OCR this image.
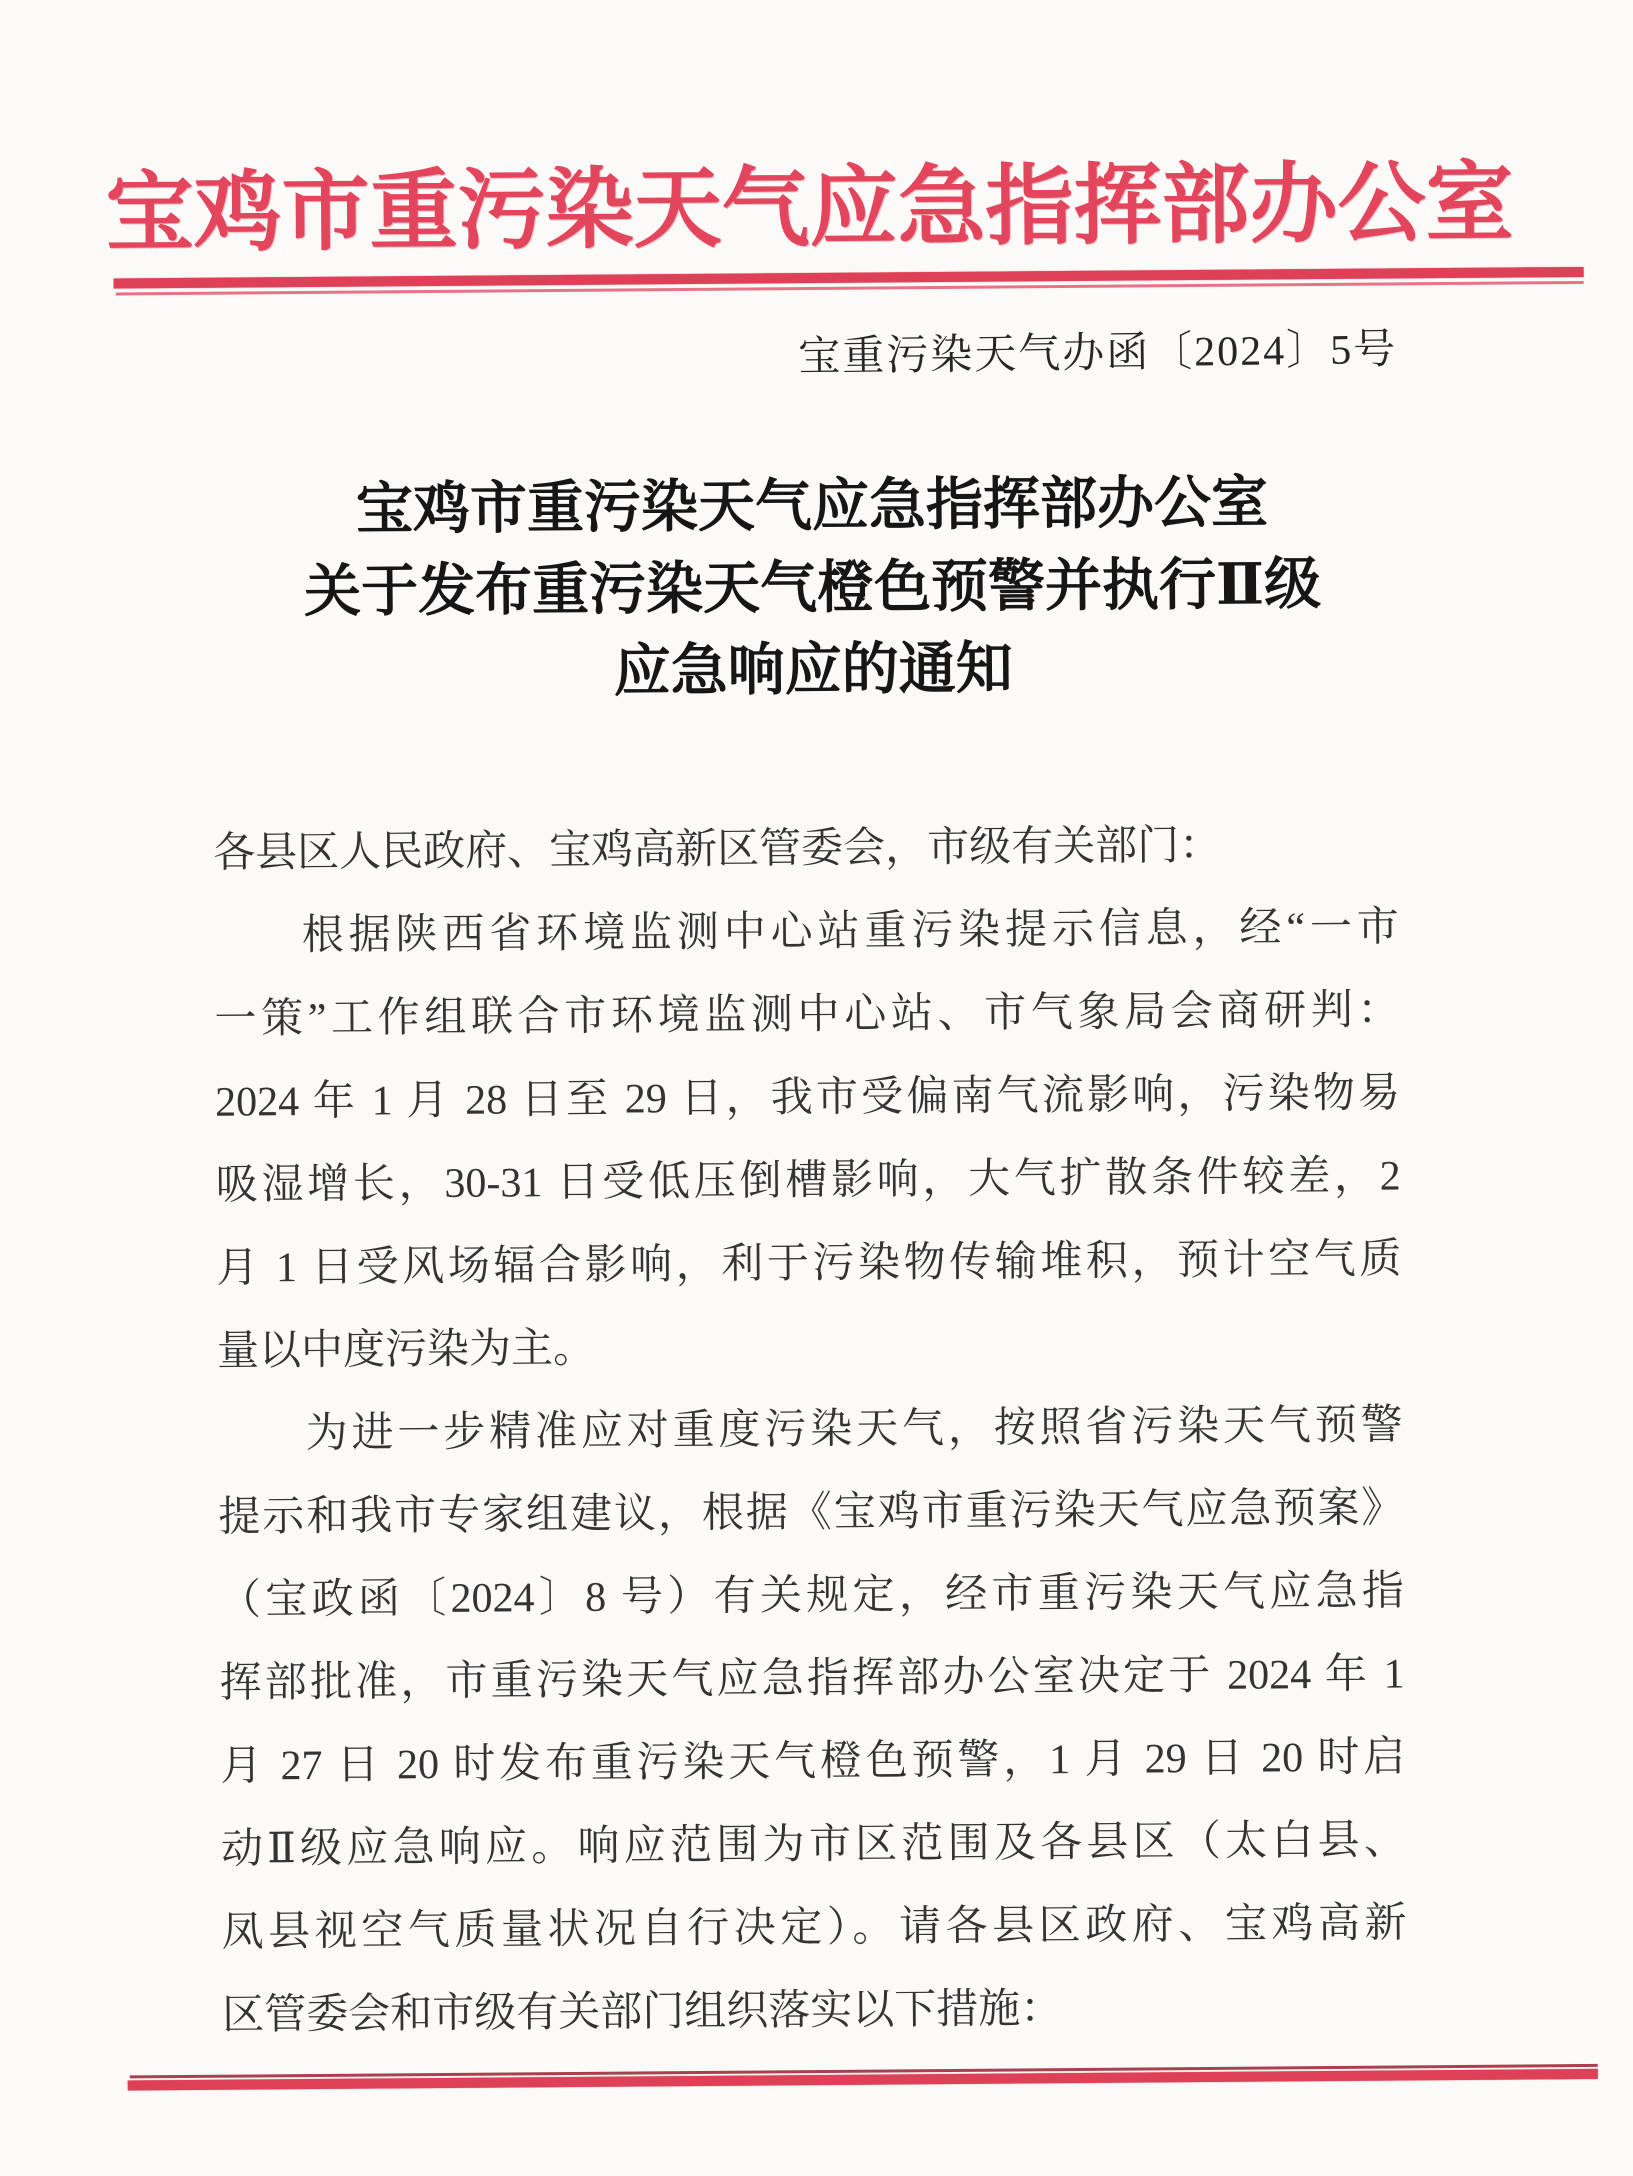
宝鸡市重污染天气应急指挥部办公室
宝重污染天气办函〔2024〕5号
宝鸡市重污染天气应急指挥部办公室
关于发布重污染天气橙色预警并执行Ⅱ级
应急响应的通知
各县区人民政府、宝鸡高新区管委会，市级有关部门：
根据陕西省环境监测中心站重污染提示信息，经“一市
一策”工作组联合市环境监测中心站、市气象局会商研判：
2024 年 1 月 28 日至 29 日，我市受偏南气流影响，污染物易
吸湿增长，30-31 日受低压倒槽影响，大气扩散条件较差，2
月 1 日受风场辐合影响，利于污染物传输堆积，预计空气质
量以中度污染为主。
为进一步精准应对重度污染天气，按照省污染天气预警
提示和我市专家组建议，根据《宝鸡市重污染天气应急预案》
（宝政函〔2024〕8 号）有关规定，经市重污染天气应急指
挥部批准，市重污染天气应急指挥部办公室决定于 2024 年 1
月 27 日 20 时发布重污染天气橙色预警，1 月 29 日 20 时启
动Ⅱ级应急响应。响应范围为市区范围及各县区（太白县、
凤县视空气质量状况自行决定）。请各县区政府、宝鸡高新
区管委会和市级有关部门组织落实以下措施：
